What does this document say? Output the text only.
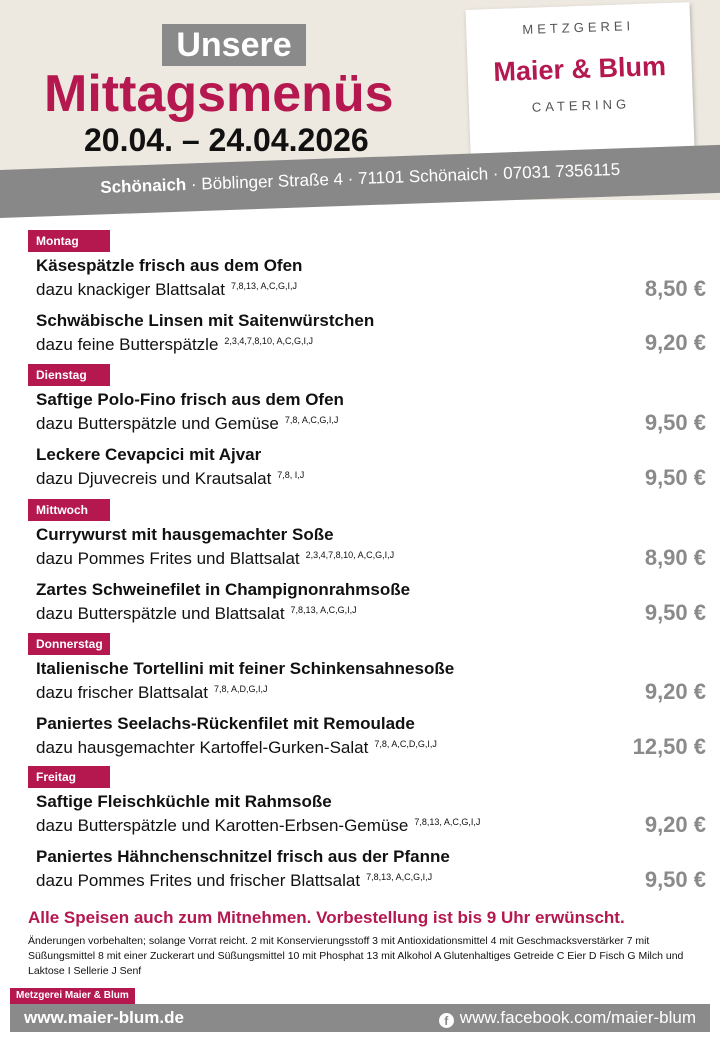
Unsere
Mittagsmenüs
20.04. – 24.04.2026
METZGEREI
Maier & Blum
CATERING
Schönaich · Böblinger Straße 4 · 71101 Schönaich · 07031 7356115
Montag
Käsespätzle frisch aus dem Ofen
dazu knackiger Blattsalat $^{7,8,13, A,C,G,I,J}$	8,50 €
Schwäbische Linsen mit Saitenwürstchen
dazu feine Butterspätzle $^{2,3,4,7,8,10, A,C,G,I,J}$	9,20 €
Dienstag
Saftige Polo-Fino frisch aus dem Ofen
dazu Butterspätzle und Gemüse $^{7,8, A,C,G,I,J}$	9,50 €
Leckere Cevapcici mit Ajvar
dazu Djuvecreis und Krautsalat $^{7,8, I,J}$	9,50 €
Mittwoch
Currywurst mit hausgemachter Soße
dazu Pommes Frites und Blattsalat $^{2,3,4,7,8,10, A,C,G,I,J}$	8,90 €
Zartes Schweinefilet in Champignonrahmsoße
dazu Butterspätzle und Blattsalat $^{7,8,13, A,C,G,I,J}$	9,50 €
Donnerstag
Italienische Tortellini mit feiner Schinkensahnesoße
dazu frischer Blattsalat $^{7,8, A,D,G,I,J}$	9,20 €
Paniertes Seelachs-Rückenfilet mit Remoulade
dazu hausgemachter Kartoffel-Gurken-Salat $^{7,8, A,C,D,G,I,J}$	12,50 €
Freitag
Saftige Fleischküchle mit Rahmsoße
dazu Butterspätzle und Karotten-Erbsen-Gemüse $^{7,8,13, A,C,G,I,J}$	9,20 €
Paniertes Hähnchenschnitzel frisch aus der Pfanne
dazu Pommes Frites und frischer Blattsalat $^{7,8,13, A,C,G,I,J}$	9,50 €
Alle Speisen auch zum Mitnehmen. Vorbestellung ist bis 9 Uhr erwünscht.
Änderungen vorbehalten; solange Vorrat reicht. 2 mit Konservierungsstoff 3 mit Antioxidationsmittel 4 mit Geschmacksverstärker 7 mit Süßungsmittel 8 mit einer Zuckerart und Süßungsmittel 10 mit Phosphat 13 mit Alkohol A Glutenhaltiges Getreide C Eier D Fisch G Milch und Laktose I Sellerie J Senf
Metzgerei Maier & Blum
www.maier-blum.de	f www.facebook.com/maier-blum
